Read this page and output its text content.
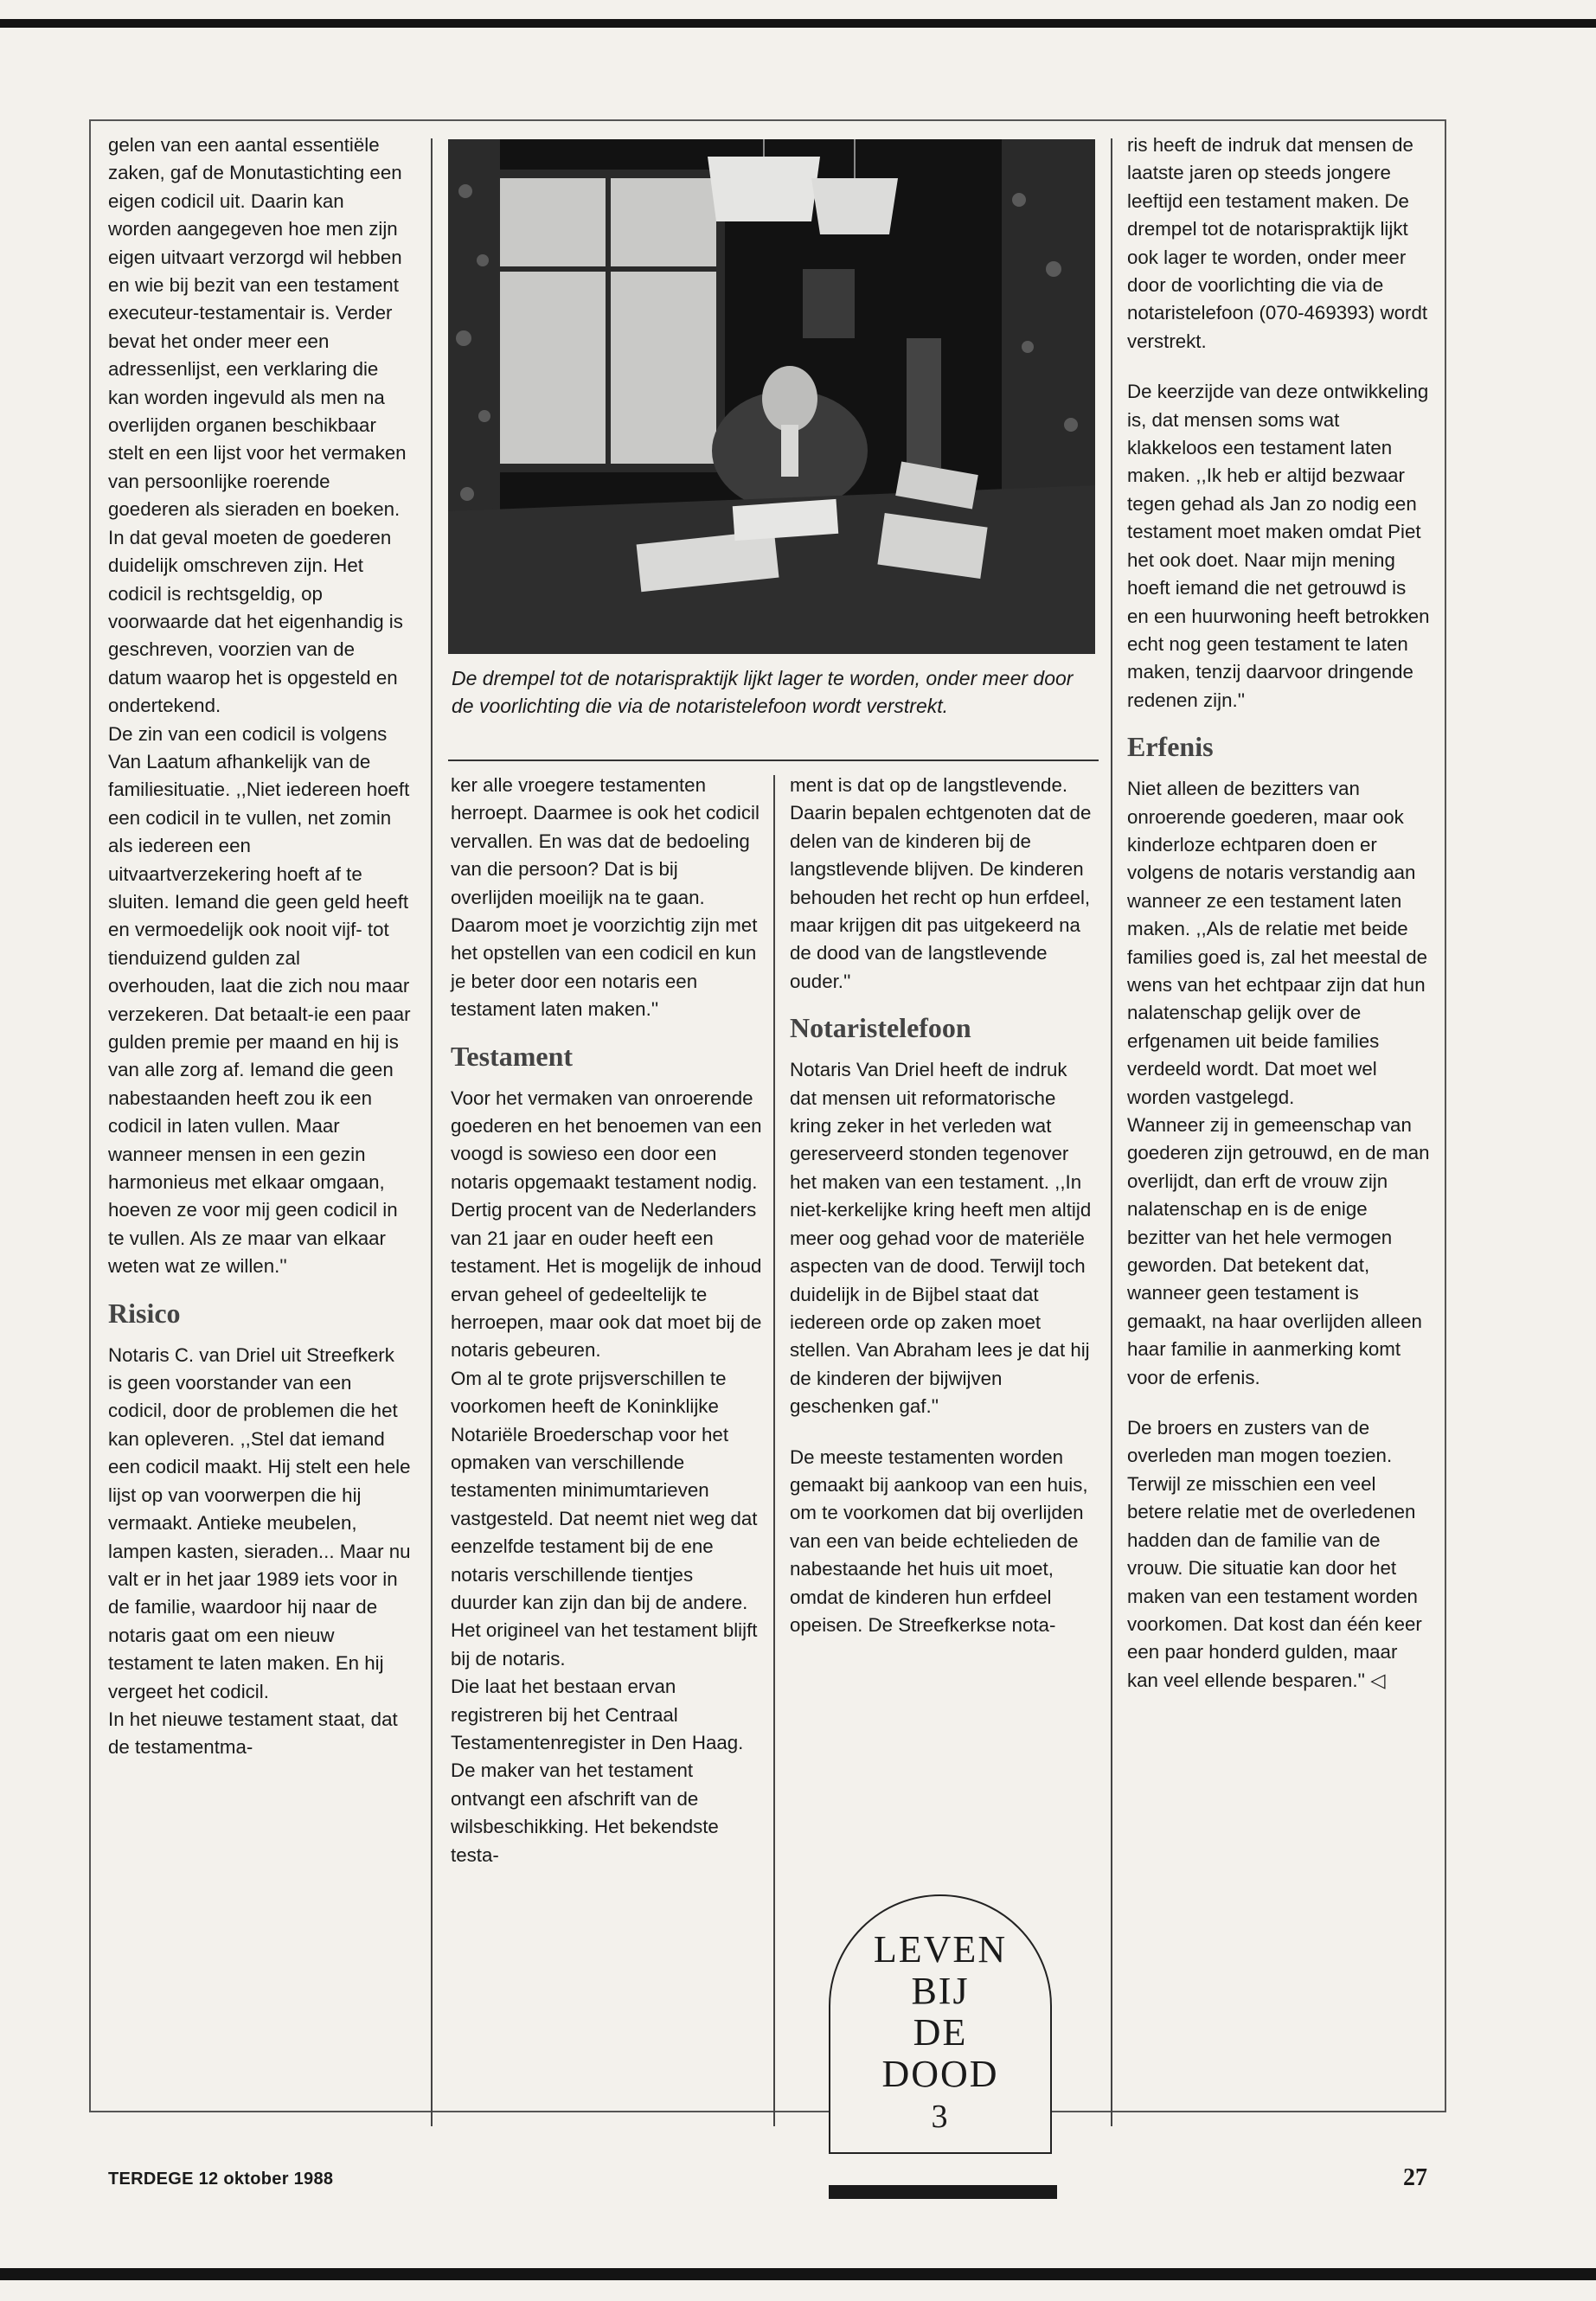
gelen van een aantal essentiële zaken, gaf de Monutastichting een eigen codicil uit. Daarin kan worden aangegeven hoe men zijn eigen uitvaart verzorgd wil hebben en wie bij bezit van een testament executeur-testamentair is. Verder bevat het onder meer een adressenlijst, een verklaring die kan worden ingevuld als men na overlijden organen beschikbaar stelt en een lijst voor het vermaken van persoonlijke roerende goederen als sieraden en boeken. In dat geval moeten de goederen duidelijk omschreven zijn. Het codicil is rechtsgeldig, op voorwaarde dat het eigenhandig is geschreven, voorzien van de datum waarop het is opgesteld en ondertekend.

De zin van een codicil is volgens Van Laatum afhankelijk van de familiesituatie. ,,Niet iedereen hoeft een codicil in te vullen, net zomin als iedereen een uitvaartverzekering hoeft af te sluiten. Iemand die geen geld heeft en vermoedelijk ook nooit vijf- tot tienduizend gulden zal overhouden, laat die zich nou maar verzekeren. Dat betaalt-ie een paar gulden premie per maand en hij is van alle zorg af. Iemand die geen nabestaanden heeft zou ik een codicil in laten vullen. Maar wanneer mensen in een gezin harmonieus met elkaar omgaan, hoeven ze voor mij geen codicil in te vullen. Als ze maar van elkaar weten wat ze willen.''

Risico

Notaris C. van Driel uit Streefkerk is geen voorstander van een codicil, door de problemen die het kan opleveren. ,,Stel dat iemand een codicil maakt. Hij stelt een hele lijst op van voorwerpen die hij vermaakt. Antieke meubelen, lampen kasten, sieraden... Maar nu valt er in het jaar 1989 iets voor in de familie, waardoor hij naar de notaris gaat om een nieuw testament te laten maken. En hij vergeet het codicil.

In het nieuwe testament staat, dat de testamentma-

De drempel tot de notarispraktijk lijkt lager te worden, onder meer door de voorlichting die via de notaristelefoon wordt verstrekt.

ker alle vroegere testamenten herroept. Daarmee is ook het codicil vervallen. En was dat de bedoeling van die persoon? Dat is bij overlijden moeilijk na te gaan. Daarom moet je voorzichtig zijn met het opstellen van een codicil en kun je beter door een notaris een testament laten maken.''

Testament

Voor het vermaken van onroerende goederen en het benoemen van een voogd is sowieso een door een notaris opgemaakt testament nodig. Dertig procent van de Nederlanders van 21 jaar en ouder heeft een testament. Het is mogelijk de inhoud ervan geheel of gedeeltelijk te herroepen, maar ook dat moet bij de notaris gebeuren.

Om al te grote prijsverschillen te voorkomen heeft de Koninklijke Notariële Broederschap voor het opmaken van verschillende testamenten minimumtarieven vastgesteld. Dat neemt niet weg dat eenzelfde testament bij de ene notaris verschillende tientjes duurder kan zijn dan bij de andere. Het origineel van het testament blijft bij de notaris.

Die laat het bestaan ervan registreren bij het Centraal Testamentenregister in Den Haag. De maker van het testament ontvangt een afschrift van de wilsbeschikking. Het bekendste testa-

ment is dat op de langstlevende. Daarin bepalen echtgenoten dat de delen van de kinderen bij de langstlevende blijven. De kinderen behouden het recht op hun erfdeel, maar krijgen dit pas uitgekeerd na de dood van de langstlevende ouder.''

Notaristelefoon

Notaris Van Driel heeft de indruk dat mensen uit reformatorische kring zeker in het verleden wat gereserveerd stonden tegenover het maken van een testament. ,,In niet-kerkelijke kring heeft men altijd meer oog gehad voor de materiële aspecten van de dood. Terwijl toch duidelijk in de Bijbel staat dat iedereen orde op zaken moet stellen. Van Abraham lees je dat hij de kinderen der bijwijven geschenken gaf.''

De meeste testamenten worden gemaakt bij aankoop van een huis, om te voorkomen dat bij overlijden van een van beide echtelieden de nabestaande het huis uit moet, omdat de kinderen hun erfdeel opeisen. De Streefkerkse nota-

LEVEN
BIJ
DE
DOOD
3

ris heeft de indruk dat mensen de laatste jaren op steeds jongere leeftijd een testament maken. De drempel tot de notarispraktijk lijkt ook lager te worden, onder meer door de voorlichting die via de notaristelefoon (070-469393) wordt verstrekt.

De keerzijde van deze ontwikkeling is, dat mensen soms wat klakkeloos een testament laten maken. ,,Ik heb er altijd bezwaar tegen gehad als Jan zo nodig een testament moet maken omdat Piet het ook doet. Naar mijn mening hoeft iemand die net getrouwd is en een huurwoning heeft betrokken echt nog geen testament te laten maken, tenzij daarvoor dringende redenen zijn.''

Erfenis

Niet alleen de bezitters van onroerende goederen, maar ook kinderloze echtparen doen er volgens de notaris verstandig aan wanneer ze een testament laten maken. ,,Als de relatie met beide families goed is, zal het meestal de wens van het echtpaar zijn dat hun nalatenschap gelijk over de erfgenamen uit beide families verdeeld wordt. Dat moet wel worden vastgelegd.

Wanneer zij in gemeenschap van goederen zijn getrouwd, en de man overlijdt, dan erft de vrouw zijn nalatenschap en is de enige bezitter van het hele vermogen geworden. Dat betekent dat, wanneer geen testament is gemaakt, na haar overlijden alleen haar familie in aanmerking komt voor de erfenis.

De broers en zusters van de overleden man mogen toezien. Terwijl ze misschien een veel betere relatie met de overledenen hadden dan de familie van de vrouw. Die situatie kan door het maken van een testament worden voorkomen. Dat kost dan één keer een paar honderd gulden, maar kan veel ellende besparen.'' ◁

TERDEGE 12 oktober 1988	27
